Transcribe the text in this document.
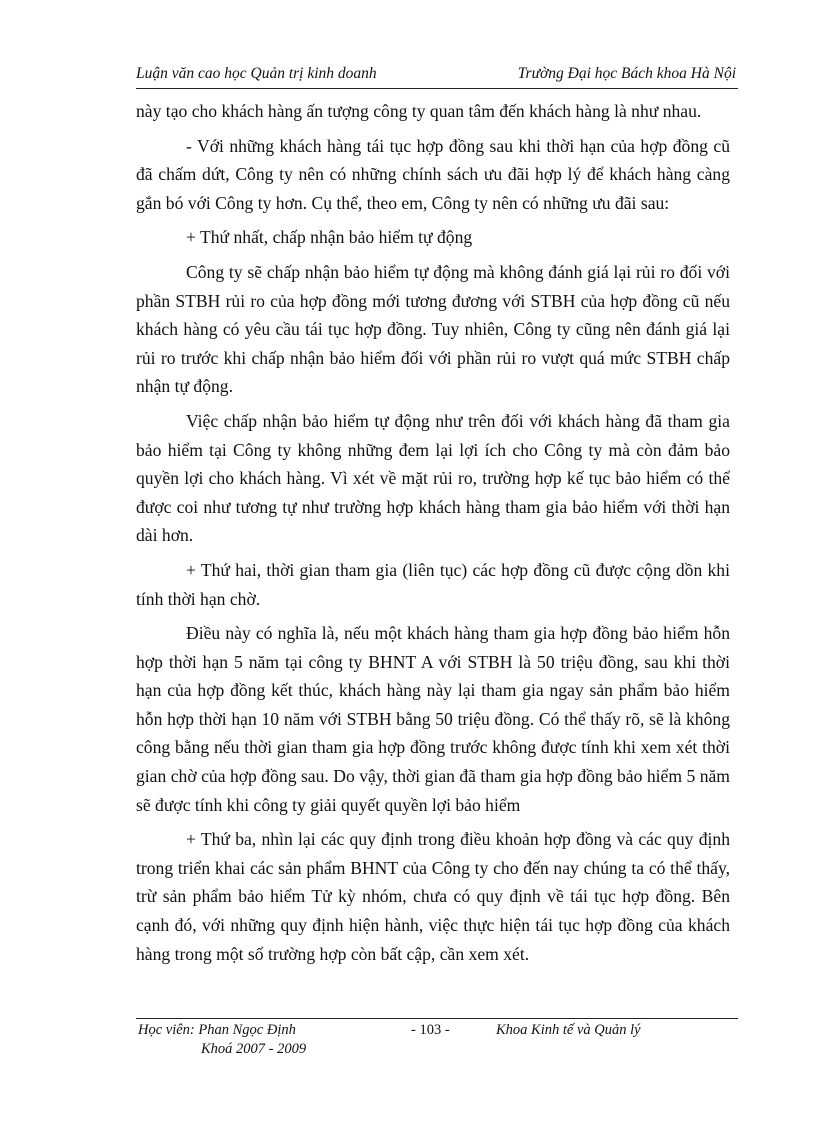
Luận văn cao học Quản trị kinh doanh	Trường Đại học Bách khoa Hà Nội

này tạo cho khách hàng ấn tượng công ty quan tâm đến khách hàng là như nhau.

- Với những khách hàng tái tục hợp đồng sau khi thời hạn của hợp đồng cũ đã chấm dứt, Công ty nên có những chính sách ưu đãi hợp lý để khách hàng càng gắn bó với Công ty hơn. Cụ thể, theo em, Công ty nên có những ưu đãi sau:

+ Thứ nhất, chấp nhận bảo hiểm tự động

Công ty sẽ chấp nhận bảo hiểm tự động mà không đánh giá lại rủi ro đối với phần STBH rủi ro của hợp đồng mới tương đương với STBH của hợp đồng cũ nếu khách hàng có yêu cầu tái tục hợp đồng. Tuy nhiên, Công ty cũng nên đánh giá lại rủi ro trước khi chấp nhận bảo hiểm đối với phần rủi ro vượt quá mức STBH chấp nhận tự động.

Việc chấp nhận bảo hiểm tự động như trên đối với khách hàng đã tham gia bảo hiểm tại Công ty không những đem lại lợi ích cho Công ty mà còn đảm bảo quyền lợi cho khách hàng. Vì xét về mặt rủi ro, trường hợp kế tục bảo hiểm có thể được coi như tương tự như trường hợp khách hàng tham gia bảo hiểm với thời hạn dài hơn.

+ Thứ hai, thời gian tham gia (liên tục) các hợp đồng cũ được cộng dồn khi tính thời hạn chờ.

Điều này có nghĩa là, nếu một khách hàng tham gia hợp đồng bảo hiểm hỗn hợp thời hạn 5 năm tại công ty BHNT A với STBH là 50 triệu đồng, sau khi thời hạn của hợp đồng kết thúc, khách hàng này lại tham gia ngay sản phẩm bảo hiểm hỗn hợp thời hạn 10 năm với STBH bằng 50 triệu đồng. Có thể thấy rõ, sẽ là không công bằng nếu thời gian tham gia hợp đồng trước không được tính khi xem xét thời gian chờ của hợp đồng sau. Do vậy, thời gian đã tham gia hợp đồng bảo hiểm 5 năm sẽ được tính khi công ty giải quyết quyền lợi bảo hiểm

+ Thứ ba, nhìn lại các quy định trong điều khoản hợp đồng và các quy định trong triển khai các sản phẩm BHNT của Công ty cho đến nay chúng ta có thể thấy, trừ sản phẩm bảo hiểm Tử kỳ nhóm, chưa có quy định về tái tục hợp đồng. Bên cạnh đó, với những quy định hiện hành, việc thực hiện tái tục hợp đồng của khách hàng trong một số trường hợp còn bất cập, cần xem xét.

Học viên: Phan Ngọc Định
Khoá 2007 - 2009
- 103 -	Khoa Kinh tế và Quản lý
